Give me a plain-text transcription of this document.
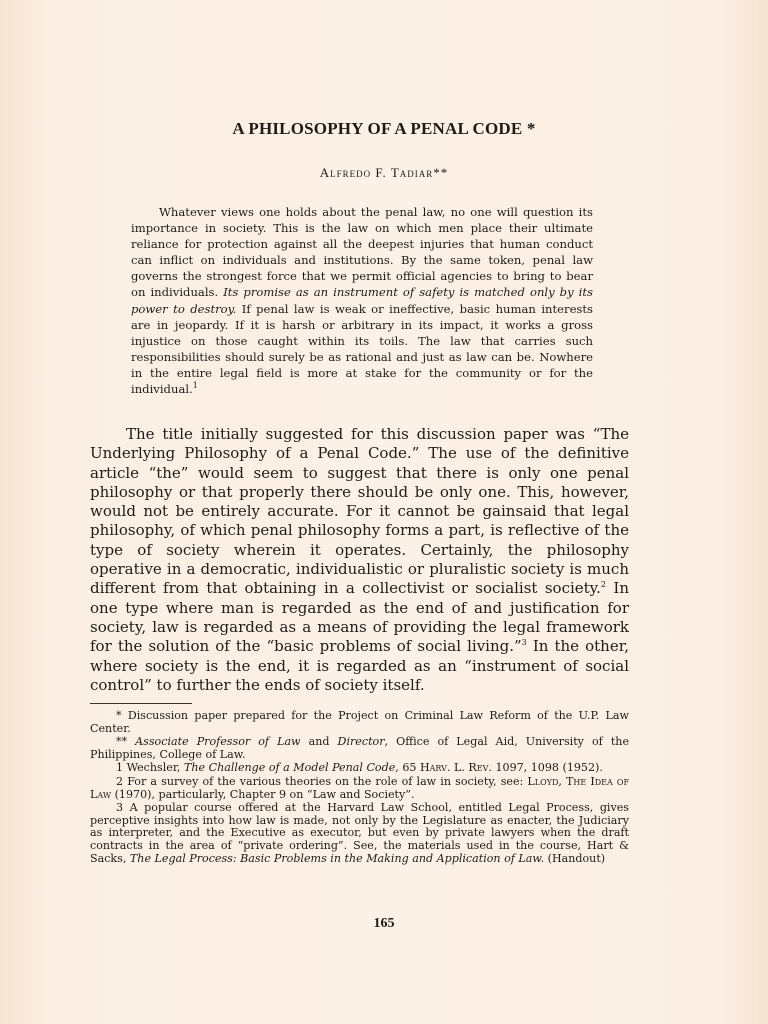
A PHILOSOPHY OF A PENAL CODE *
Alfredo F. Tadiar**
Whatever views one holds about the penal law, no one will question its importance in society. This is the law on which men place their ultimate reliance for protection against all the deepest injuries that human conduct can inflict on individuals and institutions. By the same token, penal law governs the strongest force that we permit official agencies to bring to bear on individuals. Its promise as an instrument of safety is matched only by its power to destroy. If penal law is weak or ineffective, basic human interests are in jeopardy. If it is harsh or arbitrary in its impact, it works a gross injustice on those caught within its toils. The law that carries such responsibilities should surely be as rational and just as law can be. Nowhere in the entire legal field is more at stake for the community or for the individual.$^1$

The title initially suggested for this discussion paper was “The Underlying Philosophy of a Penal Code.” The use of the definitive article “the” would seem to suggest that there is only one penal philosophy or that properly there should be only one. This, however, would not be entirely accurate. For it cannot be gainsaid that legal philosophy, of which penal philosophy forms a part, is reflective of the type of society wherein it operates. Certainly, the philosophy operative in a democratic, individualistic or pluralistic society is much different from that obtaining in a collectivist or socialist society.$^2$ In one type where man is regarded as the end of and justification for society, law is regarded as a means of providing the legal framework for the solution of the “basic problems of social living.”$^3$ In the other, where society is the end, it is regarded as an “instrument of social control” to further the ends of society itself.

* Discussion paper prepared for the Project on Criminal Law Reform of the U.P. Law Center.

** Associate Professor of Law and Director, Office of Legal Aid, University of the Philippines, College of Law.

1 Wechsler, The Challenge of a Model Penal Code, 65 Harv. L. Rev. 1097, 1098 (1952).

2 For a survey of the various theories on the role of law in society, see: Lloyd, The Idea of Law (1970), particularly, Chapter 9 on “Law and Society”.

3 A popular course offered at the Harvard Law School, entitled Legal Process, gives perceptive insights into how law is made, not only by the Legislature as enacter, the Judiciary as interpreter, and the Executive as executor, but even by private lawyers when the draft contracts in the area of “private ordering”. See, the materials used in the course, Hart & Sacks, The Legal Process: Basic Problems in the Making and Application of Law. (Handout)

165
